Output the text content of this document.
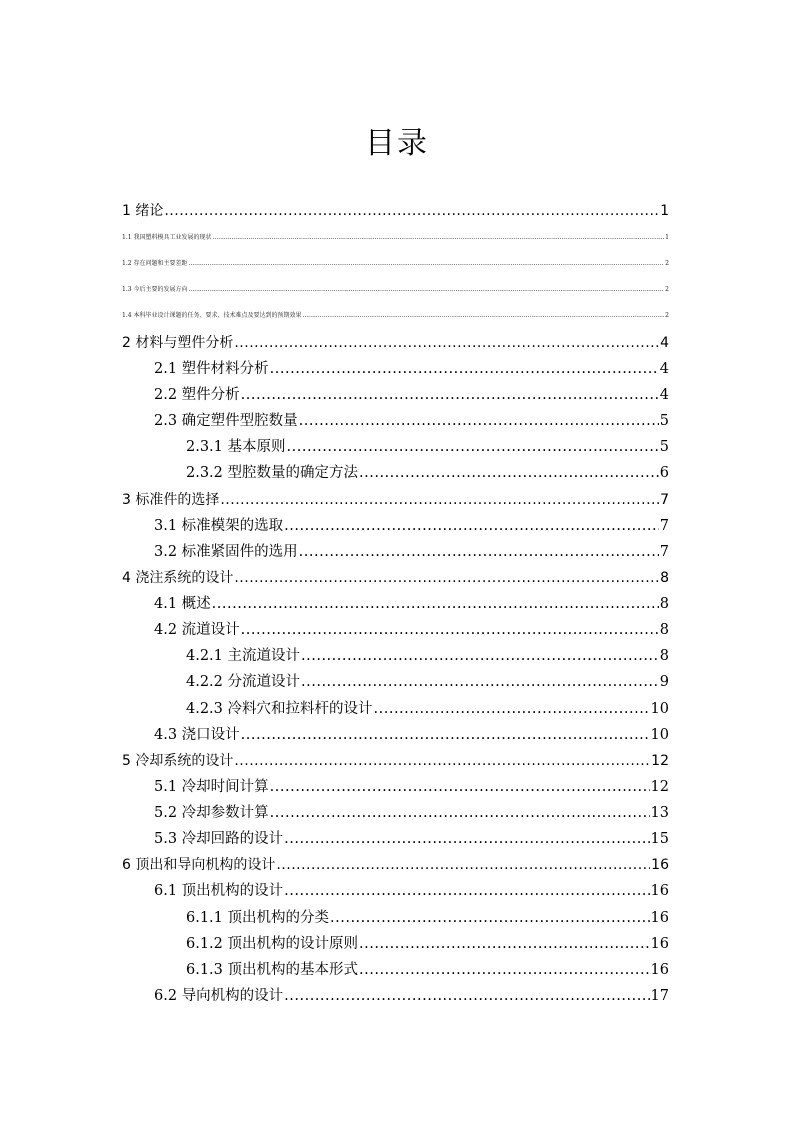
目录
1 绪论 .....	1
1.1 我国塑料模具工业发展的现状 .....	1
1.2 存在问题和主要差距 .....	2
1.3 今后主要的发展方向 .....	2
1.4 本科毕业设计课题的任务、要求、技术难点及要达到的预期效果 .....	2
2 材料与塑件分析 .....	4
2.1 塑件材料分析 .....	4
2.2 塑件分析 .....	4
2.3 确定塑件型腔数量 .....	5
2.3.1 基本原则 .....	5
2.3.2 型腔数量的确定方法 .....	6
3 标准件的选择 .....	7
3.1 标准模架的选取 .....	7
3.2 标准紧固件的选用 .....	7
4 浇注系统的设计 .....	8
4.1 概述 .....	8
4.2 流道设计 .....	8
4.2.1 主流道设计 .....	8
4.2.2 分流道设计 .....	9
4.2.3 冷料穴和拉料杆的设计 .....	10
4.3 浇口设计 .....	10
5 冷却系统的设计 .....	12
5.1 冷却时间计算 .....	12
5.2 冷却参数计算 .....	13
5.3 冷却回路的设计 .....	15
6 顶出和导向机构的设计 .....	16
6.1 顶出机构的设计 .....	16
6.1.1 顶出机构的分类 .....	16
6.1.2 顶出机构的设计原则 .....	16
6.1.3 顶出机构的基本形式 .....	16
6.2 导向机构的设计 .....	17
